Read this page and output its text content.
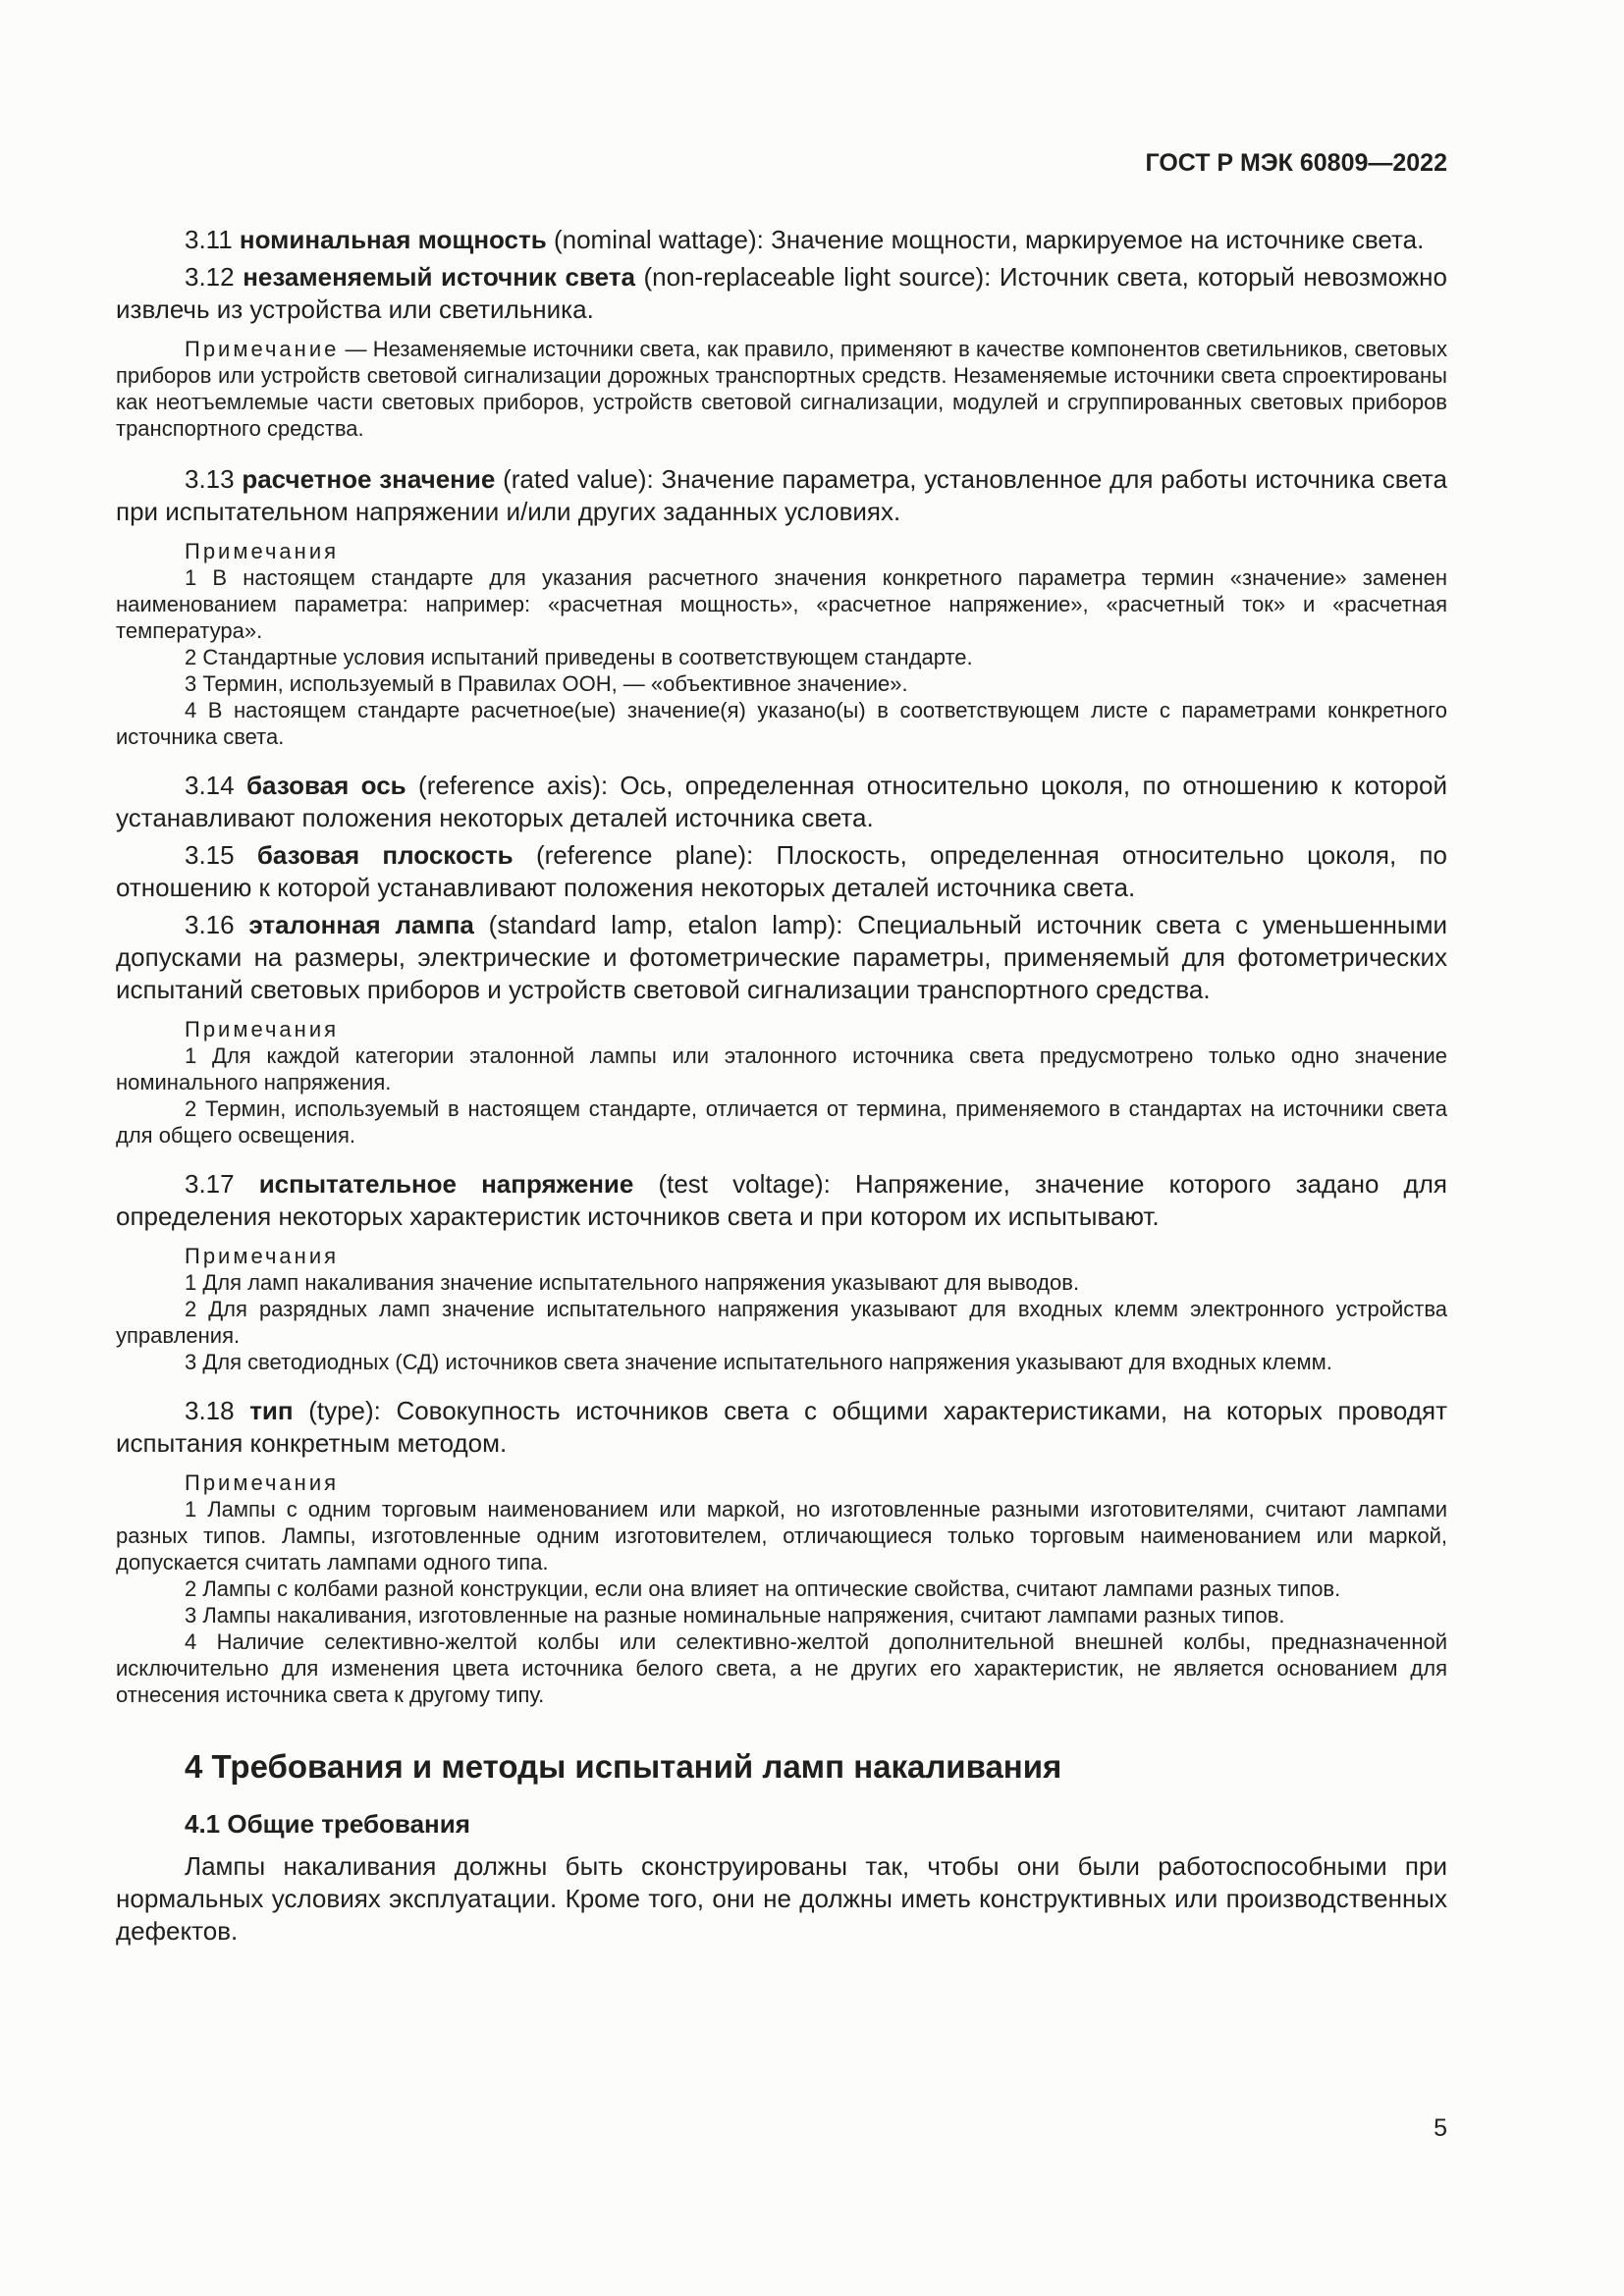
ГОСТ Р МЭК 60809—2022

3.11 номинальная мощность (nominal wattage): Значение мощности, маркируемое на источнике света.

3.12 незаменяемый источник света (non-replaceable light source): Источник света, который невозможно извлечь из устройства или светильника.

Примечание — Незаменяемые источники света, как правило, применяют в качестве компонентов светильников, световых приборов или устройств световой сигнализации дорожных транспортных средств. Незаменяемые источники света спроектированы как неотъемлемые части световых приборов, устройств световой сигнализации, модулей и сгруппированных световых приборов транспортного средства.

3.13 расчетное значение (rated value): Значение параметра, установленное для работы источника света при испытательном напряжении и/или других заданных условиях.

Примечания

1 В настоящем стандарте для указания расчетного значения конкретного параметра термин «значение» заменен наименованием параметра: например: «расчетная мощность», «расчетное напряжение», «расчетный ток» и «расчетная температура».

2 Стандартные условия испытаний приведены в соответствующем стандарте.

3 Термин, используемый в Правилах ООН, — «объективное значение».

4 В настоящем стандарте расчетное(ые) значение(я) указано(ы) в соответствующем листе с параметрами конкретного источника света.

3.14 базовая ось (reference axis): Ось, определенная относительно цоколя, по отношению к которой устанавливают положения некоторых деталей источника света.

3.15 базовая плоскость (reference plane): Плоскость, определенная относительно цоколя, по отношению к которой устанавливают положения некоторых деталей источника света.

3.16 эталонная лампа (standard lamp, etalon lamp): Специальный источник света с уменьшенными допусками на размеры, электрические и фотометрические параметры, применяемый для фотометрических испытаний световых приборов и устройств световой сигнализации транспортного средства.

Примечания

1 Для каждой категории эталонной лампы или эталонного источника света предусмотрено только одно значение номинального напряжения.

2 Термин, используемый в настоящем стандарте, отличается от термина, применяемого в стандартах на источники света для общего освещения.

3.17 испытательное напряжение (test voltage): Напряжение, значение которого задано для определения некоторых характеристик источников света и при котором их испытывают.

Примечания

1 Для ламп накаливания значение испытательного напряжения указывают для выводов.

2 Для разрядных ламп значение испытательного напряжения указывают для входных клемм электронного устройства управления.

3 Для светодиодных (СД) источников света значение испытательного напряжения указывают для входных клемм.

3.18 тип (type): Совокупность источников света с общими характеристиками, на которых проводят испытания конкретным методом.

Примечания

1 Лампы с одним торговым наименованием или маркой, но изготовленные разными изготовителями, считают лампами разных типов. Лампы, изготовленные одним изготовителем, отличающиеся только торговым наименованием или маркой, допускается считать лампами одного типа.

2 Лампы с колбами разной конструкции, если она влияет на оптические свойства, считают лампами разных типов.

3 Лампы накаливания, изготовленные на разные номинальные напряжения, считают лампами разных типов.

4 Наличие селективно-желтой колбы или селективно-желтой дополнительной внешней колбы, предназначенной исключительно для изменения цвета источника белого света, а не других его характеристик, не является основанием для отнесения источника света к другому типу.

4 Требования и методы испытаний ламп накаливания
4.1 Общие требования

Лампы накаливания должны быть сконструированы так, чтобы они были работоспособными при нормальных условиях эксплуатации. Кроме того, они не должны иметь конструктивных или производственных дефектов.

5
